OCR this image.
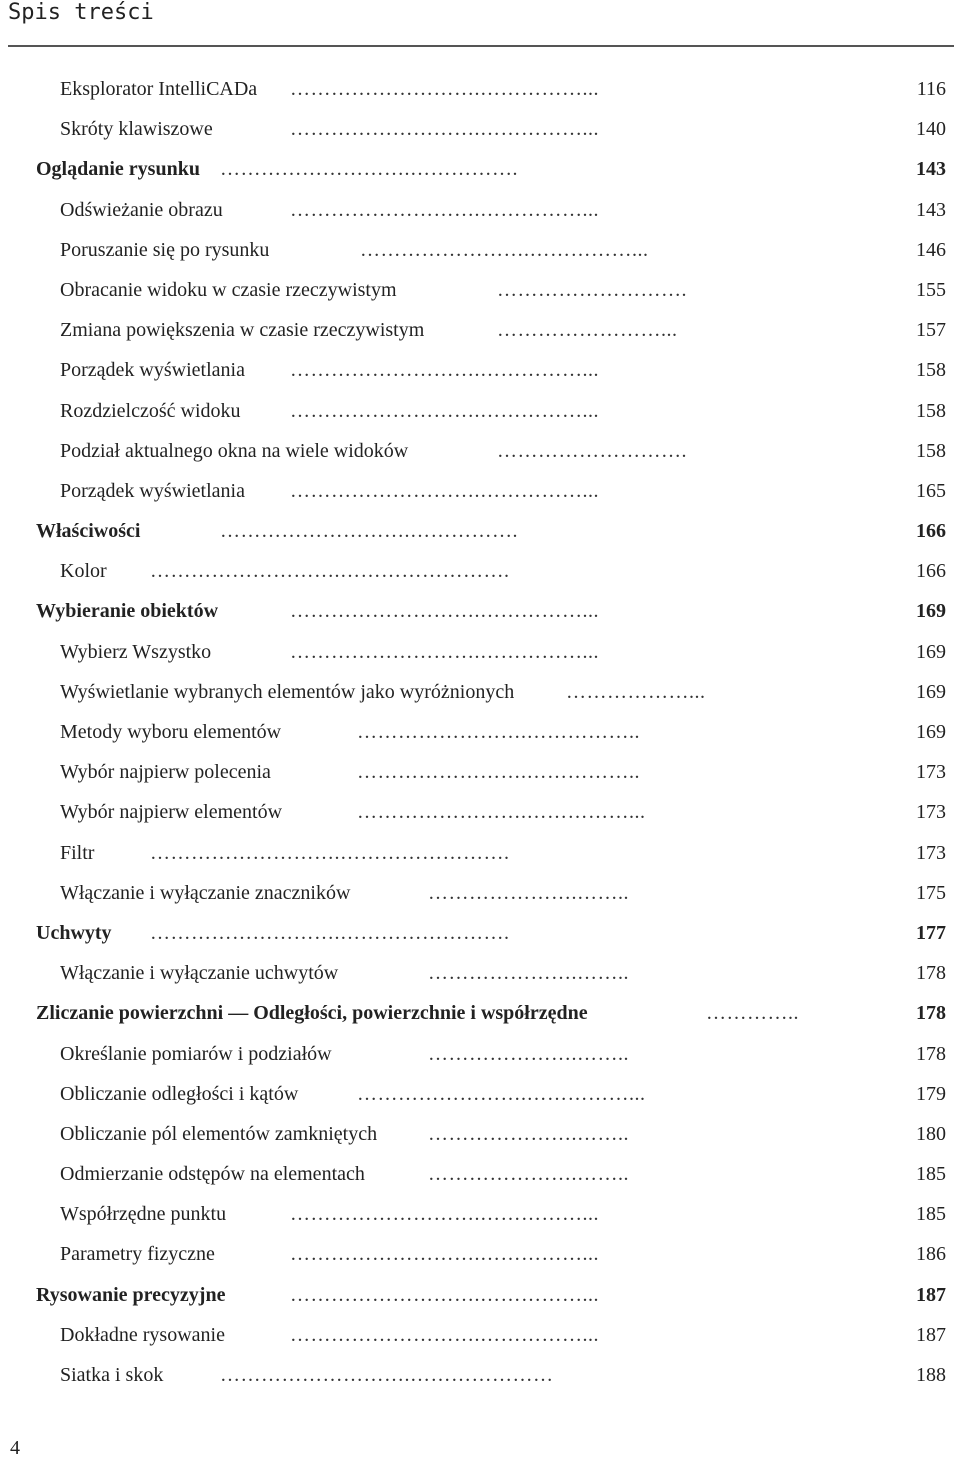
Spis treści
Eksplorator IntelliCADa ……………………….……………...	116
Skróty klawiszowe	……………………….……………...	140
Oglądanie rysunku ……………………….…………….	143
Odświeżanie obrazu	……………………….……………...	143
Poruszanie się po rysunku	…………………….……………...	146
Obracanie widoku w czasie rzeczywistym	……………………….	155
Zmiana powiększenia w czasie rzeczywistym	……………………...	157
Porządek wyświetlania ……………………….……………...	158
Rozdzielczość widoku ……………………….……………...	158
Podział aktualnego okna na wiele widoków	……………………….	158
Porządek wyświetlania ……………………….……………...	165
Właściwości	……………………….…………….	166
Kolor ……………………….…………………….	166
Wybieranie obiektów	……………………….……………...	169
Wybierz Wszystko	……………………….……………...	169
Wyświetlanie wybranych elementów jako wyróżnionych	………………...	169
Metody wyboru elementów	…………………….……………..	169
Wybór najpierw polecenia	…………………….……………..	173
Wybór najpierw elementów	…………………….……………...	173
Filtr	……………………….…………………….	173
Włączanie i wyłączanie znaczników	………………….……..	175
Uchwyty ……………………….…………………….	177
Włączanie i wyłączanie uchwytów	………………….……..	178
Zliczanie powierzchni — Odległości, powierzchnie i współrzędne	…………..	178
Określanie pomiarów i podziałów	………………….……..	178
Obliczanie odległości i kątów	…………………….……………...	179
Obliczanie pól elementów zamkniętych	………………….……..	180
Odmierzanie odstępów na elementach	………………….……..	185
Współrzędne punktu	……………………….……………...	185
Parametry fizyczne	……………………….……………...	186
Rysowanie precyzyjne	……………………….……………...	187
Dokładne rysowanie	……………………….……………...	187
Siatka i skok	……………………….…………………	188
4
